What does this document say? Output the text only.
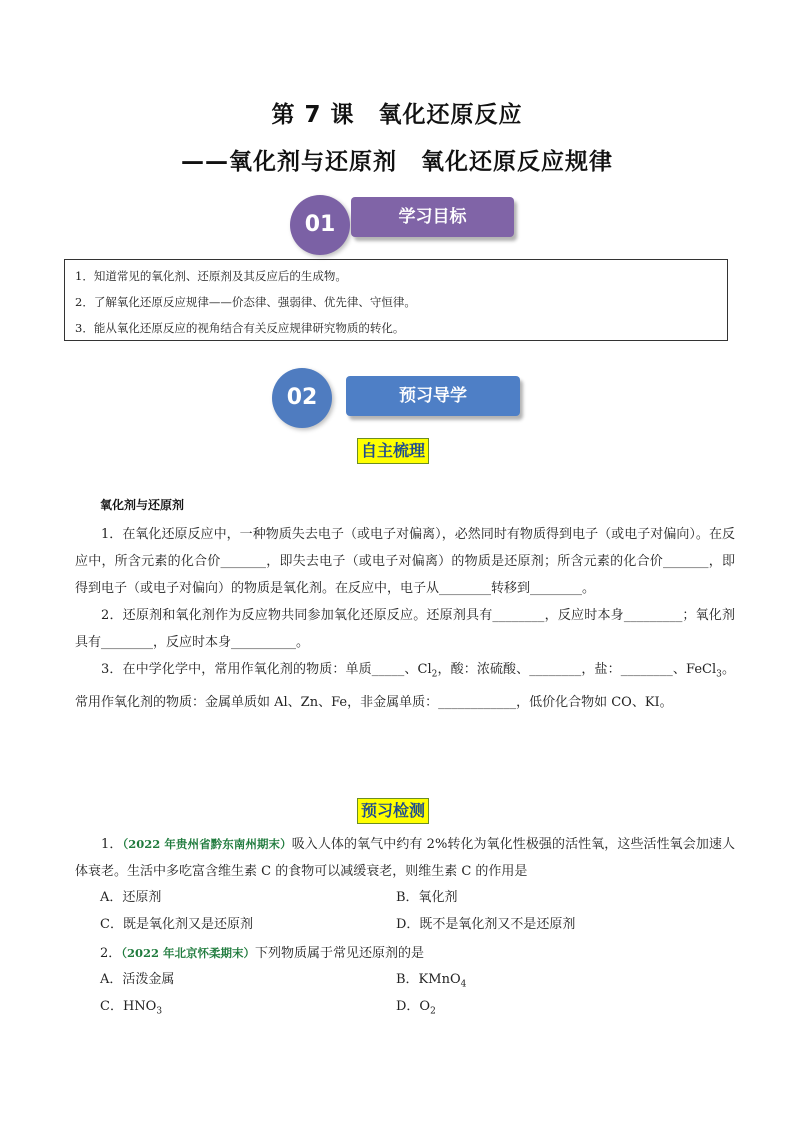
第 7 课　氧化还原反应
——氧化剂与还原剂　氧化还原反应规律
01	学习目标
1．知道常见的氧化剂、还原剂及其反应后的生成物。
2．了解氧化还原反应规律——价态律、强弱律、优先律、守恒律。
3．能从氧化还原反应的视角结合有关反应规律研究物质的转化。
02	预习导学
自主梳理
氧化剂与还原剂
1．在氧化还原反应中，一种物质失去电子（或电子对偏离），必然同时有物质得到电子（或电子对偏向）。在反应中，所含元素的化合价_______，即失去电子（或电子对偏离）的物质是还原剂；所含元素的化合价_______，即得到电子（或电子对偏向）的物质是氧化剂。在反应中，电子从________转移到________。
2．还原剂和氧化剂作为反应物共同参加氧化还原反应。还原剂具有________，反应时本身_________；氧化剂具有________，反应时本身__________。
3．在中学化学中，常用作氧化剂的物质：单质_____、$Cl_2$，酸：浓硫酸、________，盐：________、FeCl$_3$。常用作氧化剂的物质：金属单质如 Al、Zn、Fe，非金属单质：____________，低价化合物如 CO、KI。
预习检测
1．（2022 年贵州省黔东南州期末）吸入人体的氧气中约有 2%转化为氧化性极强的活性氧，这些活性氧会加速人体衰老。生活中多吃富含维生素 C 的食物可以减缓衰老，则维生素 C 的作用是
A．还原剂	B．氧化剂
C．既是氧化剂又是还原剂	D．既不是氧化剂又不是还原剂
2．（2022 年北京怀柔期末）下列物质属于常见还原剂的是
A．活泼金属	B．KMnO$_4$
C．$HNO_3$	D．$O_2$
